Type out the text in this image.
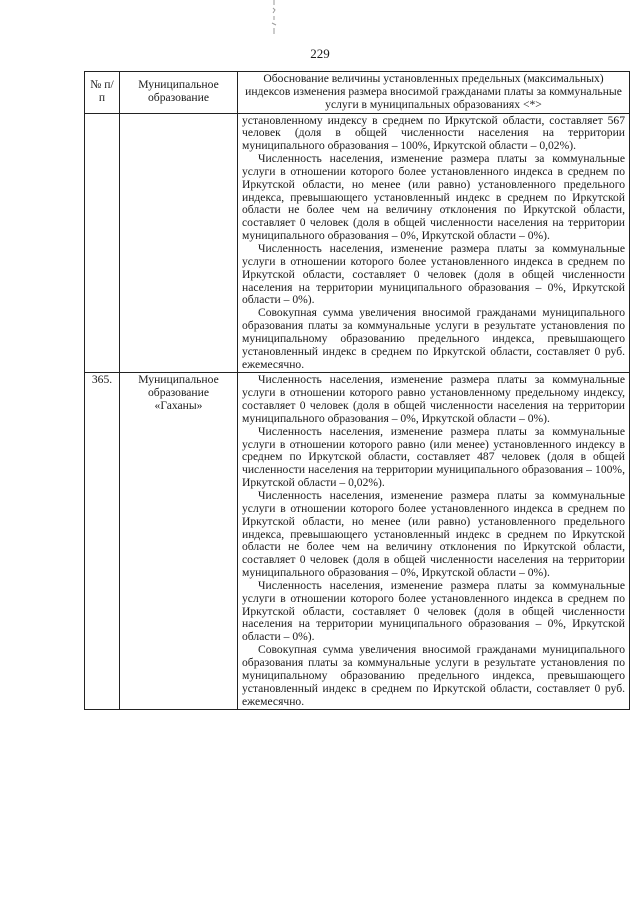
229
№ п/п	Муниципальное образование	Обоснование величины установленных предельных (максимальных) индексов изменения размера вносимой гражданами платы за коммунальные услуги в муниципальных образованиях <*>

		установленному индексу в среднем по Иркутской области, составляет 567 человек (доля в общей численности населения на территории муниципального образования – 100%, Иркутской области – 0,02%).

Численность населения, изменение размера платы за коммунальные услуги в отношении которого более установленного индекса в среднем по Иркутской области, но менее (или равно) установленного предельного индекса, превышающего установленный индекс в среднем по Иркутской области не более чем на величину отклонения по Иркутской области, составляет 0 человек (доля в общей численности населения на территории муниципального образования – 0%, Иркутской области – 0%).

Численность населения, изменение размера платы за коммунальные услуги в отношении которого более установленного индекса в среднем по Иркутской области, составляет 0 человек (доля в общей численности населения на территории муниципального образования – 0%, Иркутской области – 0%).

Совокупная сумма увеличения вносимой гражданами муниципального образования платы за коммунальные услуги в результате установления по муниципальному образованию предельного индекса, превышающего установленный индекс в среднем по Иркутской области, составляет 0 руб. ежемесячно.

365.	Муниципальное образование «Гаханы»	Численность населения, изменение размера платы за коммунальные услуги в отношении которого равно установленному предельному индексу, составляет 0 человек (доля в общей численности населения на территории муниципального образования – 0%, Иркутской области – 0%).

Численность населения, изменение размера платы за коммунальные услуги в отношении которого равно (или менее) установленного индексу в среднем по Иркутской области, составляет 487 человек (доля в общей численности населения на территории муниципального образования – 100%, Иркутской области – 0,02%).

Численность населения, изменение размера платы за коммунальные услуги в отношении которого более установленного индекса в среднем по Иркутской области, но менее (или равно) установленного предельного индекса, превышающего установленный индекс в среднем по Иркутской области не более чем на величину отклонения по Иркутской области, составляет 0 человек (доля в общей численности населения на территории муниципального образования – 0%, Иркутской области – 0%).

Численность населения, изменение размера платы за коммунальные услуги в отношении которого более установленного индекса в среднем по Иркутской области, составляет 0 человек (доля в общей численности населения на территории муниципального образования – 0%, Иркутской области – 0%).

Совокупная сумма увеличения вносимой гражданами муниципального образования платы за коммунальные услуги в результате установления по муниципальному образованию предельного индекса, превышающего установленный индекс в среднем по Иркутской области, составляет 0 руб. ежемесячно.
